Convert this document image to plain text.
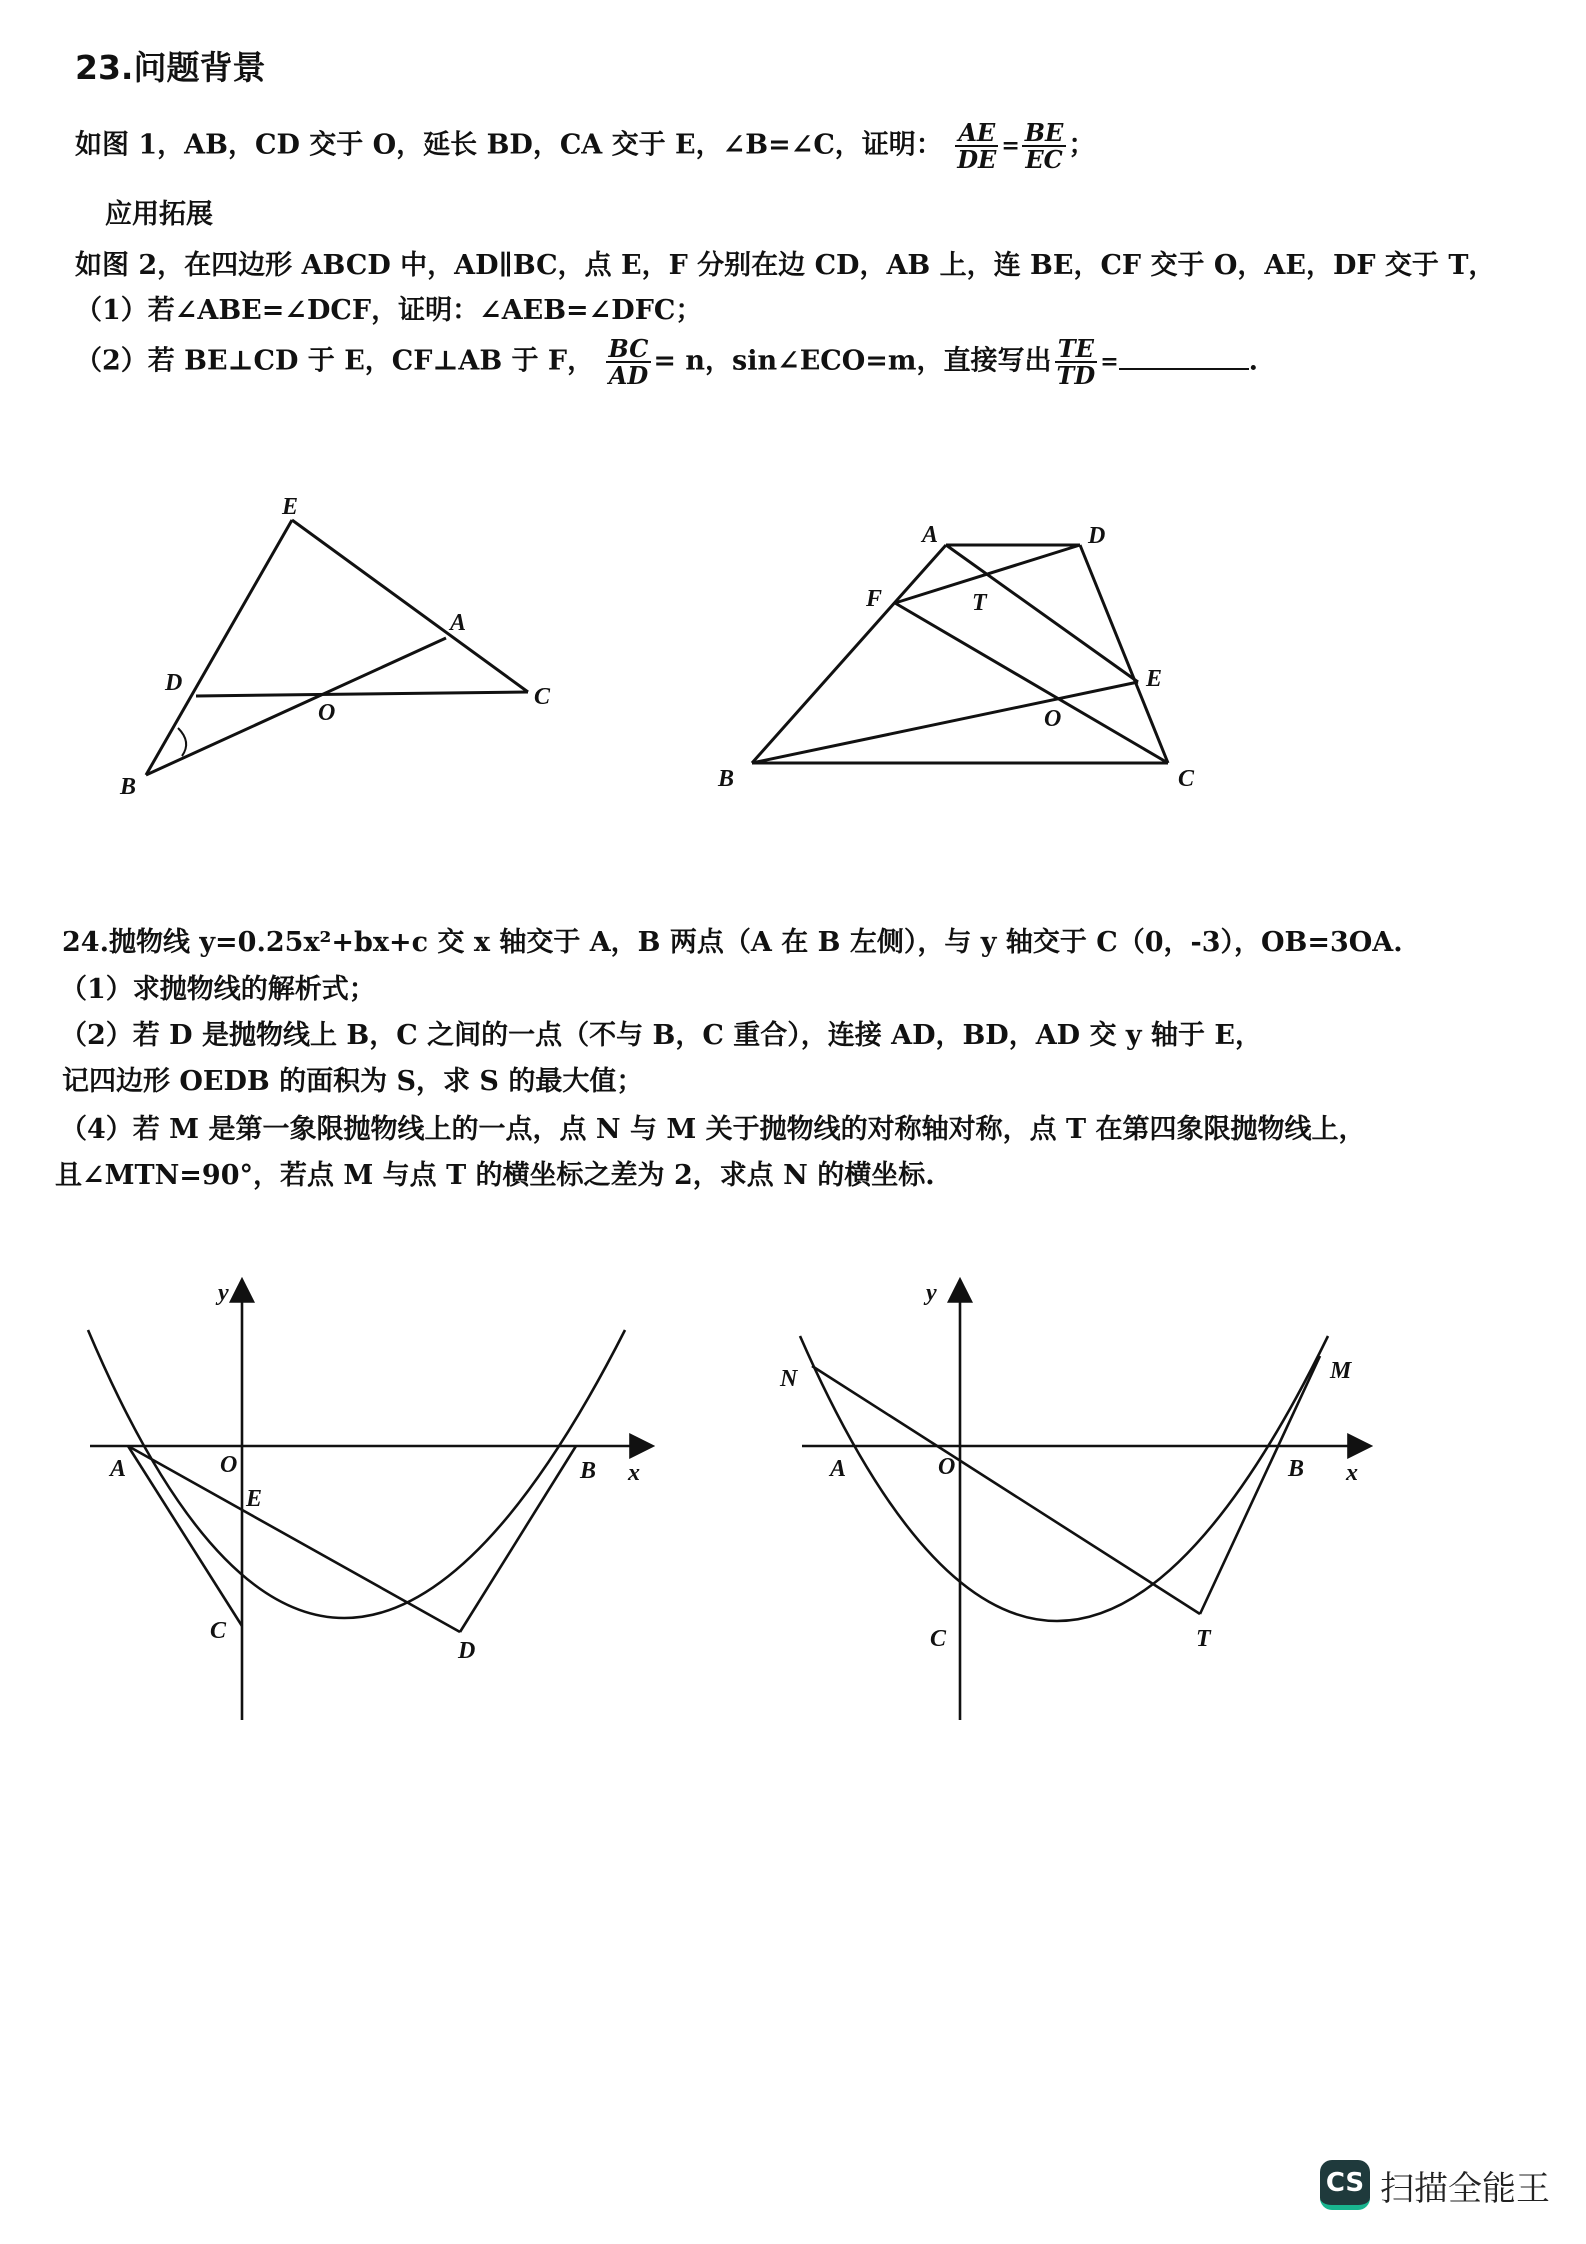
23.问题背景
如图 1，AB，CD 交于 O，延长 BD，CA 交于 E，∠B=∠C，证明： $\frac{AE}{DE} = \frac{BE}{EC}$ ；
应用拓展
如图 2，在四边形 ABCD 中，AD∥BC，点 E，F 分别在边 CD，AB 上，连 BE，CF 交于 O，AE，DF 交于 T，
（1）若∠ABE=∠DCF，证明：∠AEB=∠DFC；
（2）若 BE⊥CD 于 E，CF⊥AB 于 F， $\frac{BC}{AD} = n$，sin∠ECO=m，直接写出 $\frac{TE}{TD}$ =	.
E
A
D
O
C
B
A	D
F	T
E
O
B	C
24.抛物线 y=0.25x²+bx+c 交 x 轴交于 A，B 两点（A 在 B 左侧），与 y 轴交于 C（0，-3），OB=3OA.
（1）求抛物线的解析式；
（2）若 D 是抛物线上 B，C 之间的一点（不与 B，C 重合），连接 AD，BD，AD 交 y 轴于 E，
记四边形 OEDB 的面积为 S，求 S 的最大值；
（4）若 M 是第一象限抛物线上的一点，点 N 与 M 关于抛物线的对称轴对称，点 T 在第四象限抛物线上，
且∠MTN=90°，若点 M 与点 T 的横坐标之差为 2，求点 N 的横坐标.
y
x
A	O
E
B
C
D
y
x
N
A	O	B
M
C	T
CS 扫描全能王
